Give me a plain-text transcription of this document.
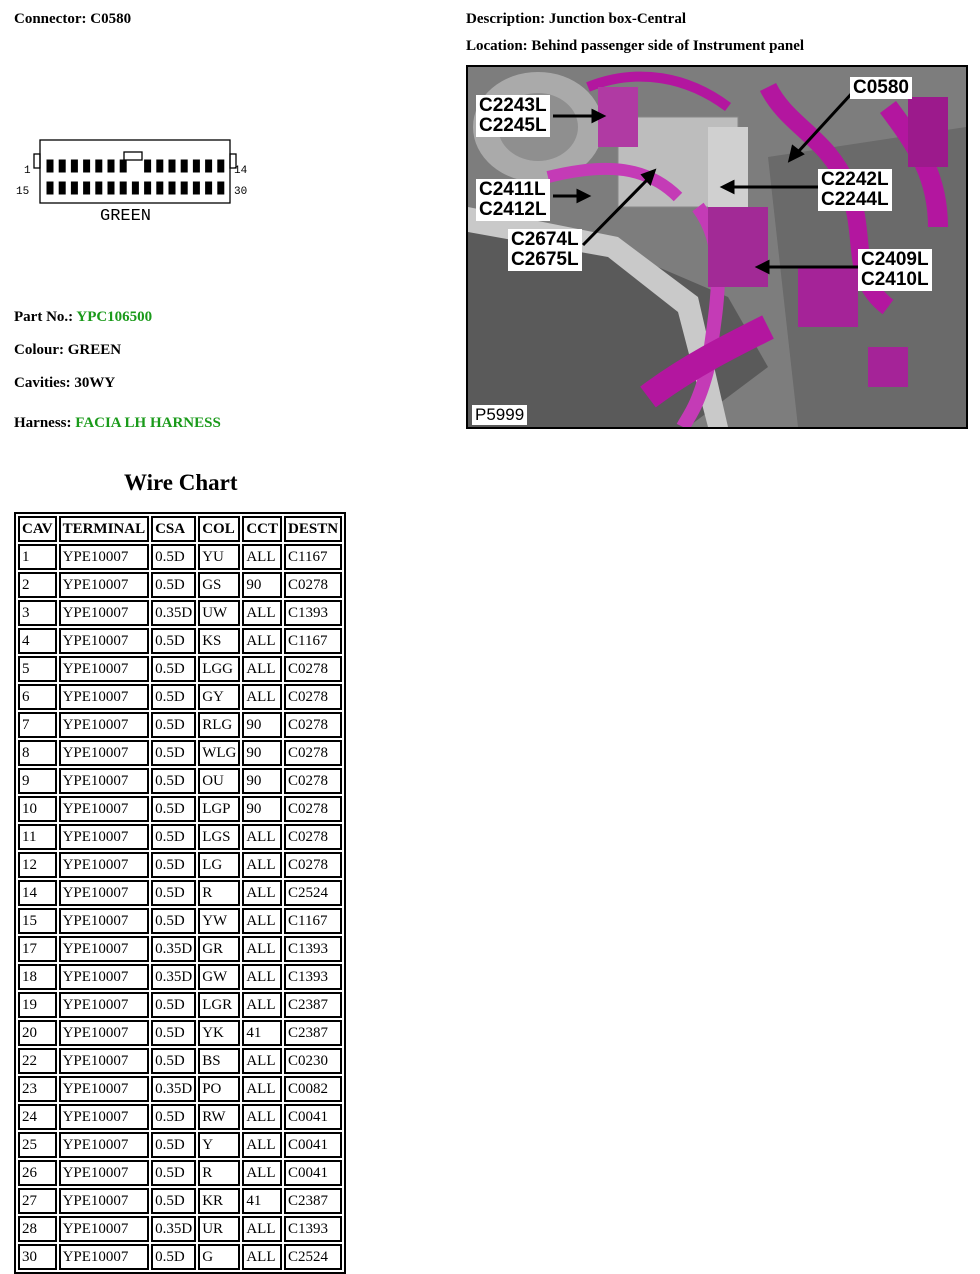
Connector: C0580	Description: Junction box-Central
Location: Behind passenger side of Instrument panel
1	14
15	30
GREEN
Part No.: YPC106500
Colour: GREEN
Cavities: 30WY
Harness: FACIA LH HARNESS
C2243L
C2245L
C0580
C2411L
C2412L
C2242L
C2244L
C2674L
C2675L	C2409L
C2410L
P5999
Wire Chart
CAV	TERMINAL	CSA	COL	CCT	DESTN
1	YPE10007	0.5D	YU	ALL	C1167
2	YPE10007	0.5D	GS	90	C0278
3	YPE10007	0.35D	UW	ALL	C1393
4	YPE10007	0.5D	KS	ALL	C1167
5	YPE10007	0.5D	LGG	ALL	C0278
6	YPE10007	0.5D	GY	ALL	C0278
7	YPE10007	0.5D	RLG	90	C0278
8	YPE10007	0.5D	WLG	90	C0278
9	YPE10007	0.5D	OU	90	C0278
10	YPE10007	0.5D	LGP	90	C0278
11	YPE10007	0.5D	LGS	ALL	C0278
12	YPE10007	0.5D	LG	ALL	C0278
14	YPE10007	0.5D	R	ALL	C2524
15	YPE10007	0.5D	YW	ALL	C1167
17	YPE10007	0.35D	GR	ALL	C1393
18	YPE10007	0.35D	GW	ALL	C1393
19	YPE10007	0.5D	LGR	ALL	C2387
20	YPE10007	0.5D	YK	41	C2387
22	YPE10007	0.5D	BS	ALL	C0230
23	YPE10007	0.35D	PO	ALL	C0082
24	YPE10007	0.5D	RW	ALL	C0041
25	YPE10007	0.5D	Y	ALL	C0041
26	YPE10007	0.5D	R	ALL	C0041
27	YPE10007	0.5D	KR	41	C2387
28	YPE10007	0.35D	UR	ALL	C1393
30	YPE10007	0.5D	G	ALL	C2524
